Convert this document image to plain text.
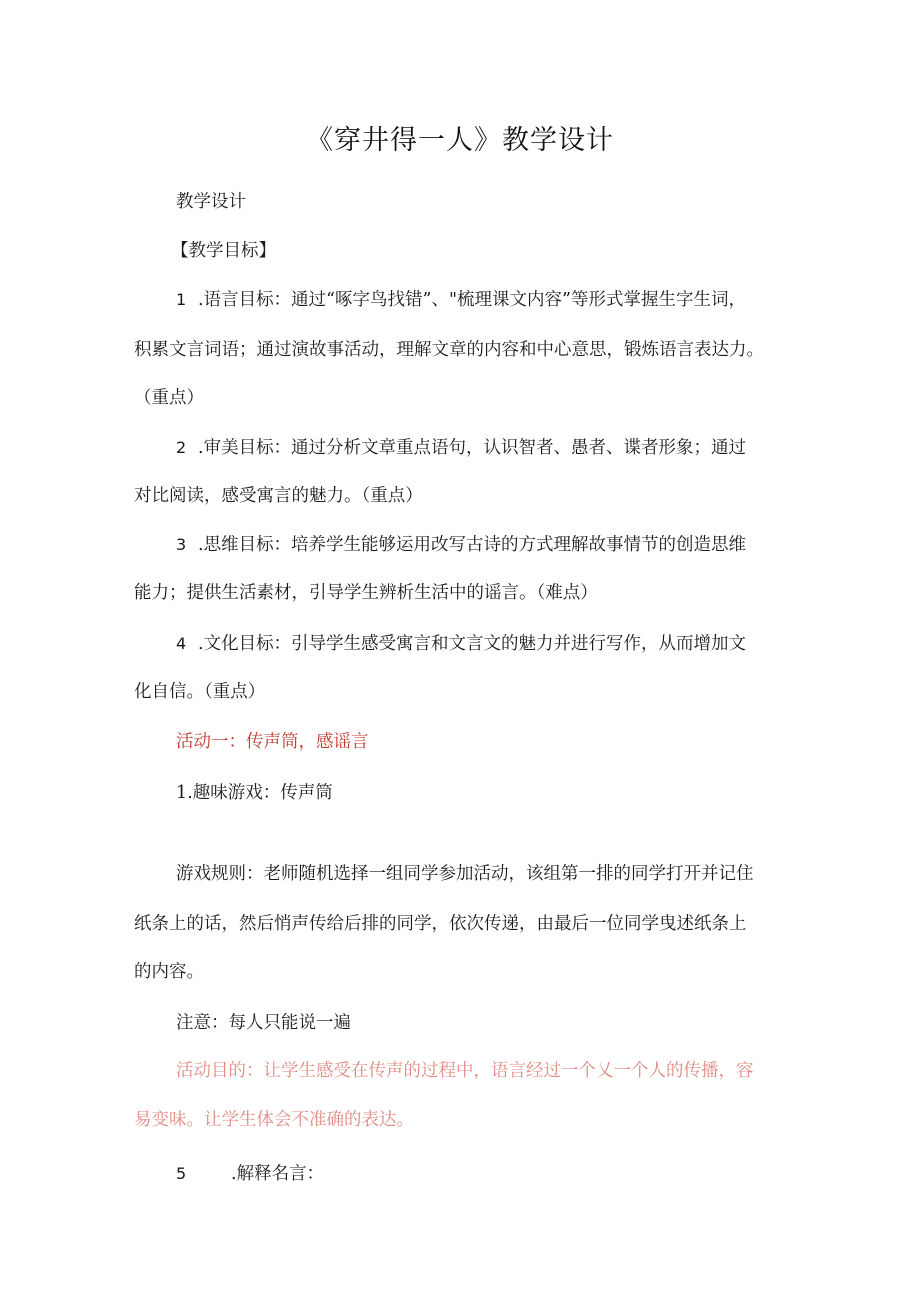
《穿井得一人》教学设计
教学设计
【教学目标】
1 .语言目标：通过“啄字鸟找错”、"梳理课文内容”等形式掌握生字生词，
积累文言词语；通过演故事活动，理解文章的内容和中心意思，锻炼语言表达力。
（重点）
2 .审美目标：通过分析文章重点语句，认识智者、愚者、谍者形象；通过
对比阅读，感受寓言的魅力。（重点）
3 .思维目标：培养学生能够运用改写古诗的方式理解故事情节的创造思维
能力；提供生活素材，引导学生辨析生活中的谣言。（难点）
4 .文化目标：引导学生感受寓言和文言文的魅力并进行写作，从而增加文
化自信。（重点）
活动一：传声筒，感谣言
1.趣味游戏：传声筒
游戏规则：老师随机选择一组同学参加活动，该组第一排的同学打开并记住
纸条上的话，然后悄声传给后排的同学，依次传递，由最后一位同学曳述纸条上
的内容。
注意：每人只能说一遍
活动目的：让学生感受在传声的过程中，语言经过一个乂一个人的传播，容
易变味。让学生体会不准确的表达。
5	.解释名言：
